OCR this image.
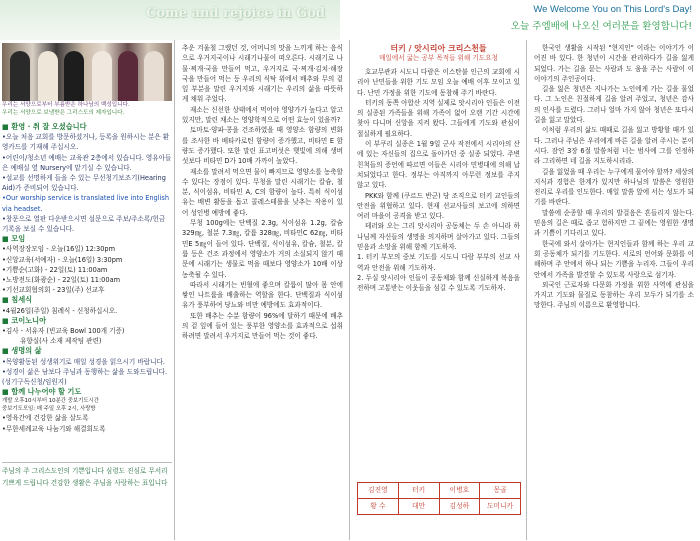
Come and rejoice in God	We Welcome You on This Lord's Day!
오늘 주엠배에 나오신 여러분을 환영합니다!
우리는 서양으로부터 부름받은 하나님의 백성입니다.
우리는 서양으로 보냄받은 그리스도의 제자입니다.
■ 환영 · 취 잘 오셨습니다
•오늘 처음 교회를 방문하셨거나, 등록을 원하시는 분은 환영카드를 기재해 주십시오.
•어린이/청소년 예배는 교육관 2층에서 있습니다. 영유아들은 예배실 옆 Nursery에 맡기실 수 있습니다.
•설교를 선명하게 들을 수 있는 무선청기보조기(Hearing Aid)가 준비되어 있습니다.
•Our worship service is translated live into English via headset.
•창문으로 열판 다운받으시면 설문으로 주보/주소록/헌금 기록을 보실 수 있습니다.
■ 모임
•사역장장모임 - 오늘(16일) 12:30pm
•신앙교육(서예자) - 오늘(16일) 3:30pm
•기쁨순(고화) - 22일(토) 11:00am
•노방전도(화광순) - 22일(토) 11:00am
•기선교회협의회 - 23일(주) 선교후
■ 침세식
•4월26일(주일) 침례식 - 신청하십시오.
■ 코이노니아
•김사 - 서유자 (빈교육 Bowl 100개 기증)
유향실(사 소재 제작팀 관련)
■ 생명의 삶
•목양활동된 성생위기로 매일 성경을 읽으시기 바랍니다.
•성경이 삶은 남보다 주님과 동행하는 삶을 도와드립니다. (성기구독신청/임원지)
■ 함께 나누어야 할 기도
개발 오후10시부터 10분간 중보기도시간
중보기도모임: 매 주일 오후 2시, 사랑방
•영육간에 건강한 삶을 살도록
•무한세례교육 나눔기와 해결회도록
주님의 주 그리스도인의 기쁜입니다 심령도 진심로 무서리 기쁘게 드립니다 건강한 생활은 주님을 사랑하는 표입니다

추운 겨울철 그랬던 것, 어머니의 맛을 느끼게 하는 음식으로 우거지국이나 시래기나물이 떠오른다. 시래기로 나물·찌개·국을 만들어 먹고, 우거지로 국·찌개·김치·해장국을 만들어 먹는 등 우리의 식탁 위에서 배추와 무의 겉잎 부분을 말린 우거지와 시래기는 우리의 삶을 따뜻하게 채워 주었다.

재소는 신선한 상태에서 먹어야 영양가가 높다고 알고 있지만, 말린 채소는 영양학적으로 어떤 효능이 있을까?

토마토·양파·콩을 건조하였을 때 영양소 함량의 변화를 조사한 바 베타카로틴 함량이 증가했고, 비타민 E 함량도 증가했다. 또한 말린 표고버섯은 햇빛에 의해 생버섯보다 비타민 D가 10배 가까이 높았다.

재소를 말려서 먹으면 물이 빠지므로 영양소를 농축할 수 있다는 장점이 있다. 무청을 말린 시래기는 칼슘, 철분, 식이섬유, 비타민 A, C의 함량이 높다. 특히 식이섬유는 배변 활동을 돕고 콜레스테롤을 낮추는 작용이 있어 성인병 예방에 좋다.

무청 100g에는 단백질 2.3g, 식이섬유 1.2g, 칼슘 329㎎, 철분 7.3㎎, 칼륨 328㎎, 비타민C 62㎎, 비타민E 5㎎이 들어 있다. 단백질, 식이섬유, 칼슘, 철분, 칼륨 등은 건조 과정에서 영양소가 거의 소실되지 않기 때문에 시래기는 생물로 먹을 때보다 영양소가 10배 이상 농축될 수 있다.

따라서 시래기는 빈혈에 좋으며 칼륨이 많아 몸 안에 쌓인 나트륨을 배출하는 역할을 한다. 단백질과 식이섬유가 풍부하여 당뇨와 비만 예방에도 효과적이다.

또한 배추는 수분 함량이 96%에 달하기 때문에 배추의 겉 잎에 들어 있는 풍부한 영양소를 효과적으로 섭취하려면 말려서 우거지로 만들어 먹는 것이 좋다.

터키 / 앗시리아 크리스천들
매일에서 굶는 공부 목적들 위해 기도요청

호교무관과 시도니 다람은 이스탄불 인근의 교회에 시리아 난민들을 위한 기도 모임 오늘 예배 이후 모이고 있다. 난민 가정을 위한 기도에 동참해 주기 바란다.

터키의 동쪽 아합산 지역 실제로 앗시리아 인들은 이전의 실종된 가족들을 위해 가족이 없어 오랜 기간 시간에 찾아 다니며 신앙을 지켜 왔다. 그들에게 기도와 관심이 절실하게 필요하다.

이 부쿠리 실종은 1월 9일 군사 작전에서 시리아의 산에 있는 자신들의 집으로 돌아가던 중 실종 되었다. 주변 친척들의 증언에 따르면 이들은 시리아 민병대에 의해 납치되었다고 한다. 정부는 아직까지 아무런 정보를 주지 않고 있다.

PKK와 함께 (쿠르드 반군) 당 조직으로 터키 교인들의 안전을 위협하고 있다. 현재 선교사들의 보고에 의하면 여러 마을이 공격을 받고 있다.

테러와 오는 그리 앗시리아 공동체는 두 손 아니라 하나님께 자신들의 생명을 의지하며 살아가고 있다. 그들의 믿음과 소망을 위해 함께 기도하자.

1. 터키 부모의 중보 기도를 시도니 다람 부부의 선교 사역과 안전을 위해 기도하자.

2. 두실 앗시리아 인들이 공동체와 함께 신실하게 복음을 전하며 고통받는 이웃들을 섬길 수 있도록 기도하자.

김진영	터키	이병호	몽골
황 수	대만	김성하	도미니카

한국인 생활을 시작된 "현지인" 이라는 이야기가 이어진 바 있다. 한 청년이 시간을 관리하다가 길을 잃게 되었다. 가는 길을 묻는 사람과 도 움을 주는 사람이 이 이야기의 주인공이다.

길을 잃은 청년은 지나가는 노인에게 가는 길을 물었다. 그 노인은 친절하게 길을 알려 주었고, 청년은 감사의 인사를 드렸다. 그러나 얼마 가지 않아 청년은 또다시 길을 잃고 말았다.

이처럼 우리의 삶도 때때로 길을 잃고 방황할 때가 있다. 그러나 주님은 우리에게 바른 길을 알려 주시는 분이시다. 잠언 3장 6절 말씀처럼 너는 범사에 그를 인정하라 그리하면 네 길을 지도하시리라.

길을 잃었을 때 우리는 누구에게 물어야 할까? 세상의 지식과 경험은 한계가 있지만 하나님의 말씀은 영원한 진리로 우리를 인도한다. 매일 말씀 앞에 서는 성도가 되기를 바란다.

말씀에 순종할 때 우리의 발걸음은 흔들리지 않는다. 믿음의 길은 때로 좁고 험하지만 그 끝에는 영원한 생명과 기쁨이 기다리고 있다.

한국에 와서 살아가는 현지인들과 함께 하는 우리 교회 공동체가 되기를 기도한다. 서로의 언어와 문화를 이해하며 주 안에서 하나 되는 기쁨을 누리자. 그들이 우리 안에서 가족을 발견할 수 있도록 사랑으로 섬기자.

외국인 근로자와 다문화 가정을 위한 사역에 관심을 가지고 기도와 물질로 동참하는 우리 모두가 되기를 소망한다. 주님의 이름으로 환영합니다.
